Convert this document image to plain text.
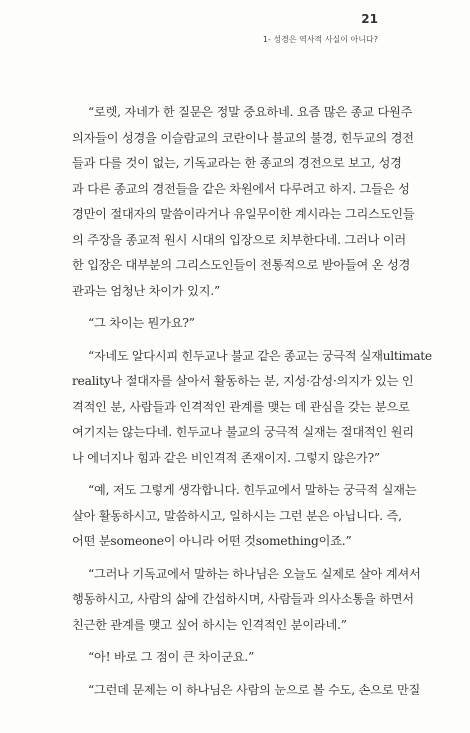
21
1- 성경은 역사적 사실이 아니다?

“로렛, 자네가 한 질문은 정말 중요하네. 요즘 많은 종교 다원주
의자들이 성경을 이슬람교의 코란이나 불교의 불경, 힌두교의 경전
들과 다를 것이 없는, 기독교라는 한 종교의 경전으로 보고, 성경
과 다른 종교의 경전들을 같은 차원에서 다루려고 하지. 그들은 성
경만이 절대자의 말씀이라거나 유일무이한 계시라는 그리스도인들
의 주장을 종교적 원시 시대의 입장으로 치부한다네. 그러나 이러
한 입장은 대부분의 그리스도인들이 전통적으로 받아들여 온 성경
관과는 엄청난 차이가 있지.”

“그 차이는 뭔가요?”

“자네도 알다시피 힌두교나 불교 같은 종교는 궁극적 실재ultimate
reality나 절대자를 살아서 활동하는 분, 지성·감성·의지가 있는 인
격적인 분, 사람들과 인격적인 관계를 맺는 데 관심을 갖는 분으로
여기지는 않는다네. 힌두교나 불교의 궁극적 실재는 절대적인 원리
나 에너지나 힘과 같은 비인격적 존재이지. 그렇지 않은가?”

“예, 저도 그렇게 생각합니다. 힌두교에서 말하는 궁극적 실재는
살아 활동하시고, 말씀하시고, 일하시는 그런 분은 아닙니다. 즉,
어떤 분someone이 아니라 어떤 것something이죠.”

“그러나 기독교에서 말하는 하나님은 오늘도 실제로 살아 계셔서
행동하시고, 사람의 삶에 간섭하시며, 사람들과 의사소통을 하면서
친근한 관계를 맺고 싶어 하시는 인격적인 분이라네.”

“아! 바로 그 점이 큰 차이군요.”

“그런데 문제는 이 하나님은 사람의 눈으로 볼 수도, 손으로 만질
